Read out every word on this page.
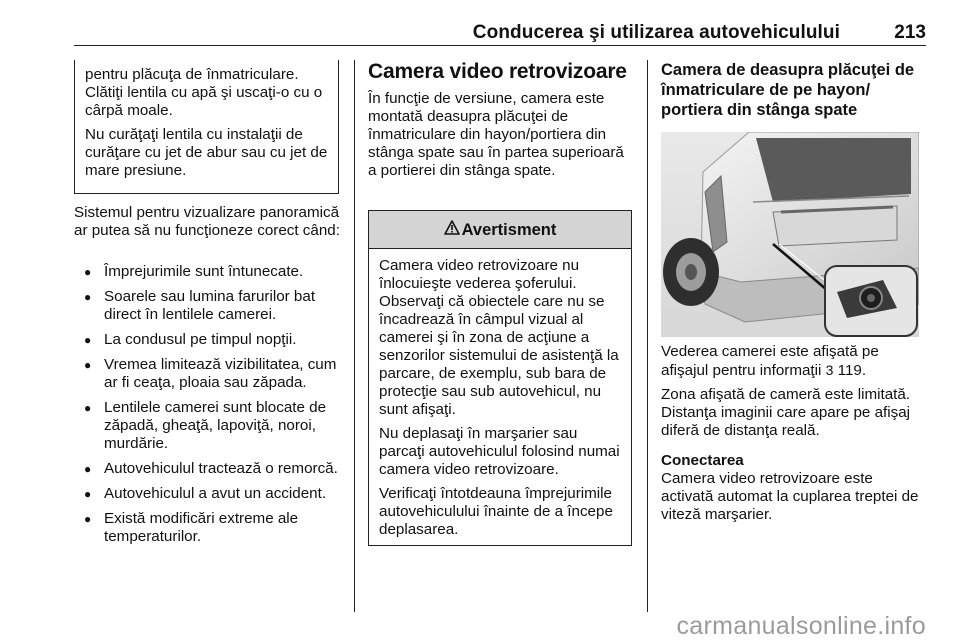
Conducerea şi utilizarea autovehiculului	213

pentru plăcuţa de înmatriculare. Clătiţi lentila cu apă şi uscaţi-o cu o cârpă moale.

Nu curăţaţi lentila cu instalaţii de curăţare cu jet de abur sau cu jet de mare presiune.

Sistemul pentru vizualizare panoramică ar putea să nu funcţioneze corect când:

● Împrejurimile sunt întunecate.
● Soarele sau lumina farurilor bat direct în lentilele camerei.
● La condusul pe timpul nopţii.
● Vremea limitează vizibilitatea, cum ar fi ceaţa, ploaia sau zăpada.
● Lentilele camerei sunt blocate de zăpadă, gheaţă, lapoviţă, noroi, murdărie.
● Autovehiculul tractează o remorcă.
● Autovehiculul a avut un accident.
● Există modificări extreme ale temperaturilor.
Camera video retrovizoare

În funcţie de versiune, camera este montată deasupra plăcuţei de înmatriculare din hayon/portiera din stânga spate sau în partea superioară a portierei din stânga spate.

Avertisment

Camera video retrovizoare nu înlocuieşte vederea şoferului. Observaţi că obiectele care nu se încadrează în câmpul vizual al camerei şi în zona de acţiune a senzorilor sistemului de asistenţă la parcare, de exemplu, sub bara de protecţie sau sub autovehicul, nu sunt afişaţi.

Nu deplasaţi în marşarier sau parcaţi autovehiculul folosind numai camera video retrovizoare.

Verificaţi întotdeauna împrejurimile autovehiculului înainte de a începe deplasarea.

Camera de deasupra plăcuţei de înmatriculare de pe hayon/ portiera din stânga spate

Vederea camerei este afişată pe afişajul pentru informaţii 3 119.

Zona afişată de cameră este limitată. Distanţa imaginii care apare pe afişaj diferă de distanţa reală.

Conectarea

Camera video retrovizoare este activată automat la cuplarea treptei de viteză marşarier.

carmanualsonline.info
